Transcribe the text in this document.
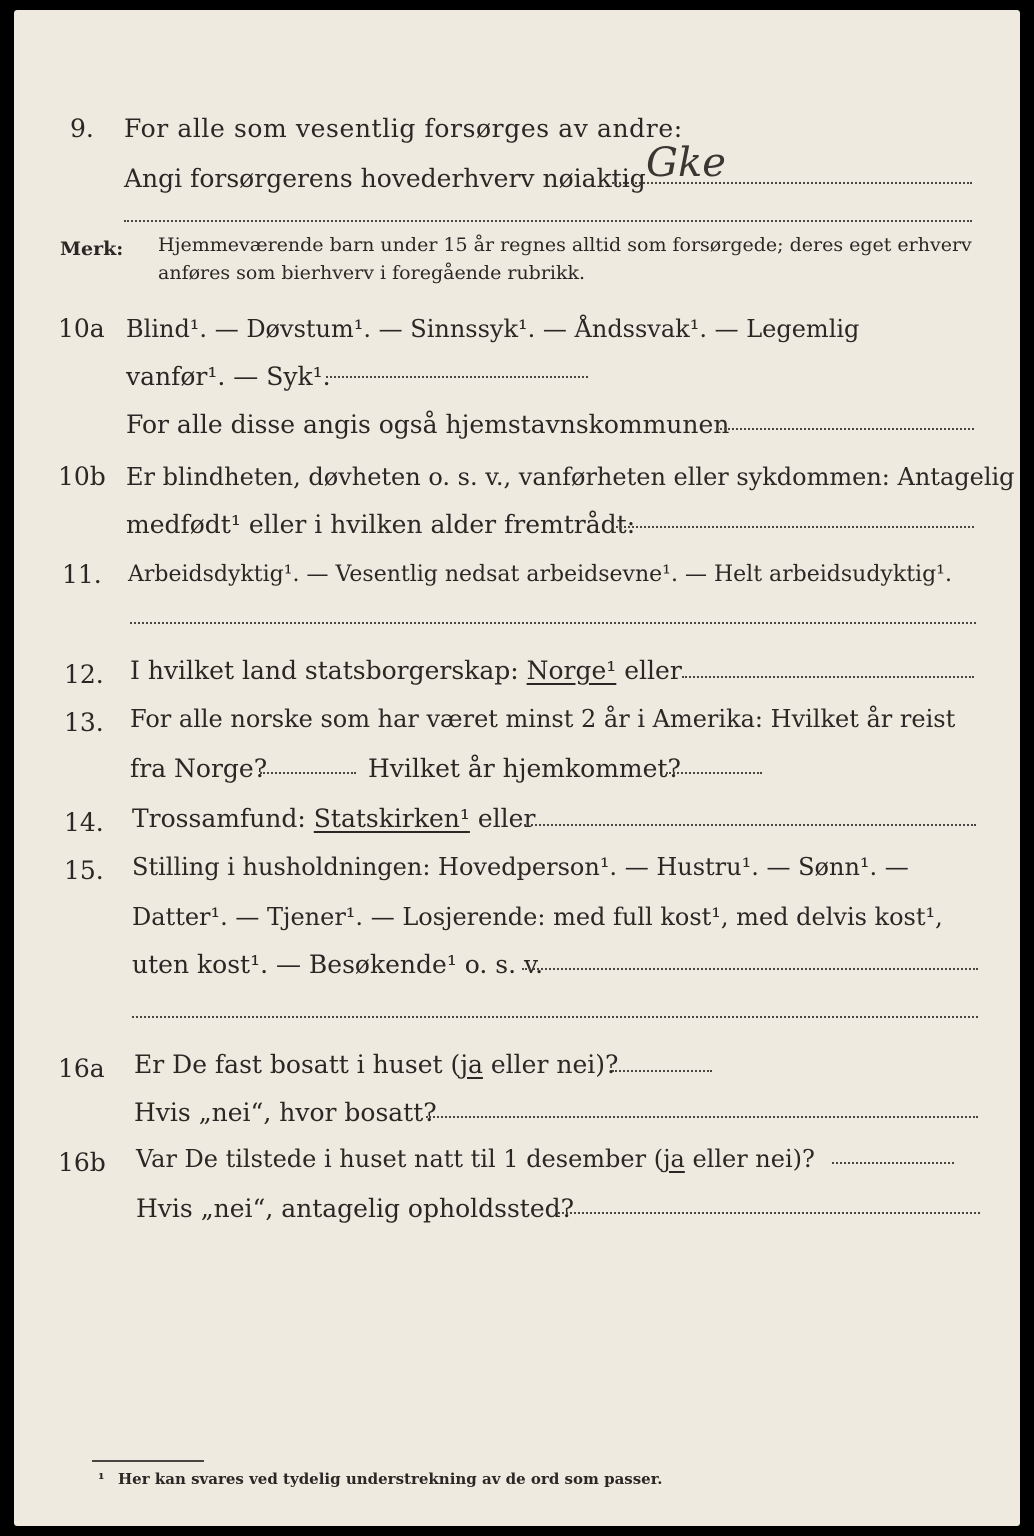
9. For alle som vesentlig forsørges av andre:
Angi forsørgerens hovederhverv nøiaktig Gke
Merk: Hjemmeværende barn under 15 år regnes alltid som forsørgede; deres eget erhverv
anføres som bierhverv i foregående rubrikk.
10a Blind¹. — Døvstum¹. — Sinnssyk¹. — Åndssvak¹. — Legemlig
vanfør¹. — Syk¹.
For alle disse angis også hjemstavnskommunen
10b Er blindheten, døvheten o. s. v., vanførheten eller sykdommen: Antagelig
medfødt¹ eller i hvilken alder fremtrådt:
11. Arbeidsdyktig¹. — Vesentlig nedsat arbeidsevne¹. — Helt arbeidsudyktig¹.
12. I hvilket land statsborgerskap: Norge¹ eller
13. For alle norske som har været minst 2 år i Amerika: Hvilket år reist
fra Norge?	Hvilket år hjemkommet?
14. Trossamfund: Statskirken¹ eller
15. Stilling i husholdningen: Hovedperson¹. — Hustru¹. — Sønn¹. —
Datter¹. — Tjener¹. — Losjerende: med full kost¹, med delvis kost¹,
uten kost¹. — Besøkende¹ o. s. v.
16a Er De fast bosatt i huset (ja eller nei)?
Hvis „nei“, hvor bosatt?
16b Var De tilstede i huset natt til 1 desember (ja eller nei)?
Hvis „nei“, antagelig opholdssted?
¹ Her kan svares ved tydelig understrekning av de ord som passer.
